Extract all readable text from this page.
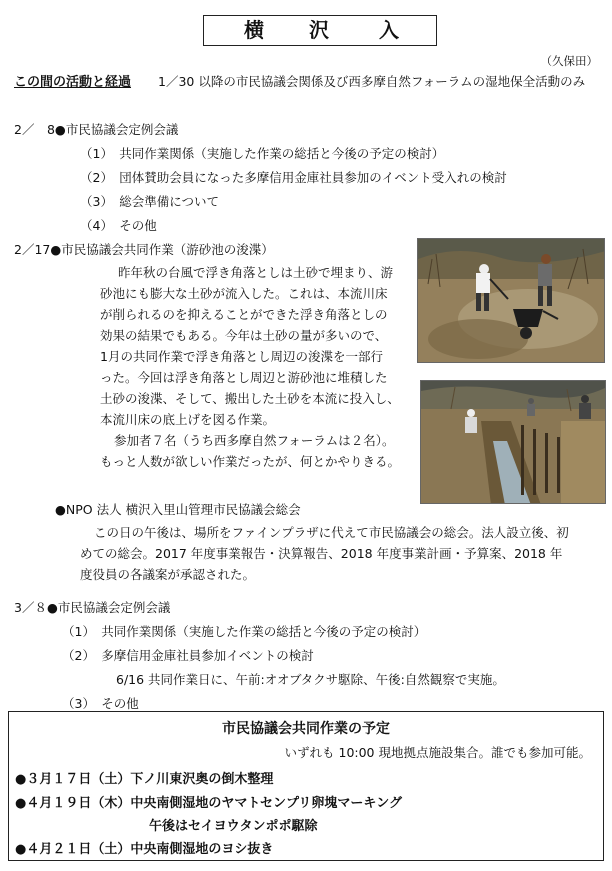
横 沢	入
（久保田）
この間の活動と経過 1／30 以降の市民協議会関係及び西多摩自然フォーラムの湿地保全活動のみ
2／　8●市民協議会定例会議
（1）　共同作業関係（実施した作業の総括と今後の予定の検討）
（2）　団体賛助会員になった多摩信用金庫社員参加のイベント受入れの検討
（3）　総会準備について
（4）　その他
2／17●市民協議会共同作業（游砂池の浚渫）
昨年秋の台風で浮き角落としは土砂で埋まり、游
砂池にも膨大な土砂が流入した。これは、本流川床
が削られるのを抑えることができた浮き角落としの
効果の結果でもある。今年は土砂の量が多いので、
1月の共同作業で浮き角落とし周辺の浚渫を一部行
った。今回は浮き角落とし周辺と游砂池に堆積した
土砂の浚渫、そして、搬出した土砂を本流に投入し、
本流川床の底上げを図る作業。
参加者７名（うち西多摩自然フォーラムは２名）。
もっと人数が欲しい作業だったが、何とかやりきる。
●NPO 法人 横沢入里山管理市民協議会総会
この日の午後は、場所をファインプラザに代えて市民協議会の総会。法人設立後、初
めての総会。2017 年度事業報告・決算報告、2018 年度事業計画・予算案、2018 年
度役員の各議案が承認された。
3／８●市民協議会定例会議
（1）　共同作業関係（実施した作業の総括と今後の予定の検討）
（2）　多摩信用金庫社員参加イベントの検討
6/16 共同作業日に、午前:オオブタクサ駆除、午後:自然観察で実施。
（3）　その他
市民協議会共同作業の予定
いずれも 10:00 現地拠点施設集合。誰でも参加可能。
●３月１７日（土）下ノ川東沢奥の倒木整理
●４月１９日（木）中央南側湿地のヤマトセンプリ卵塊マーキング
午後はセイヨウタンポポ駆除
●４月２１日（土）中央南側湿地のヨシ抜き
